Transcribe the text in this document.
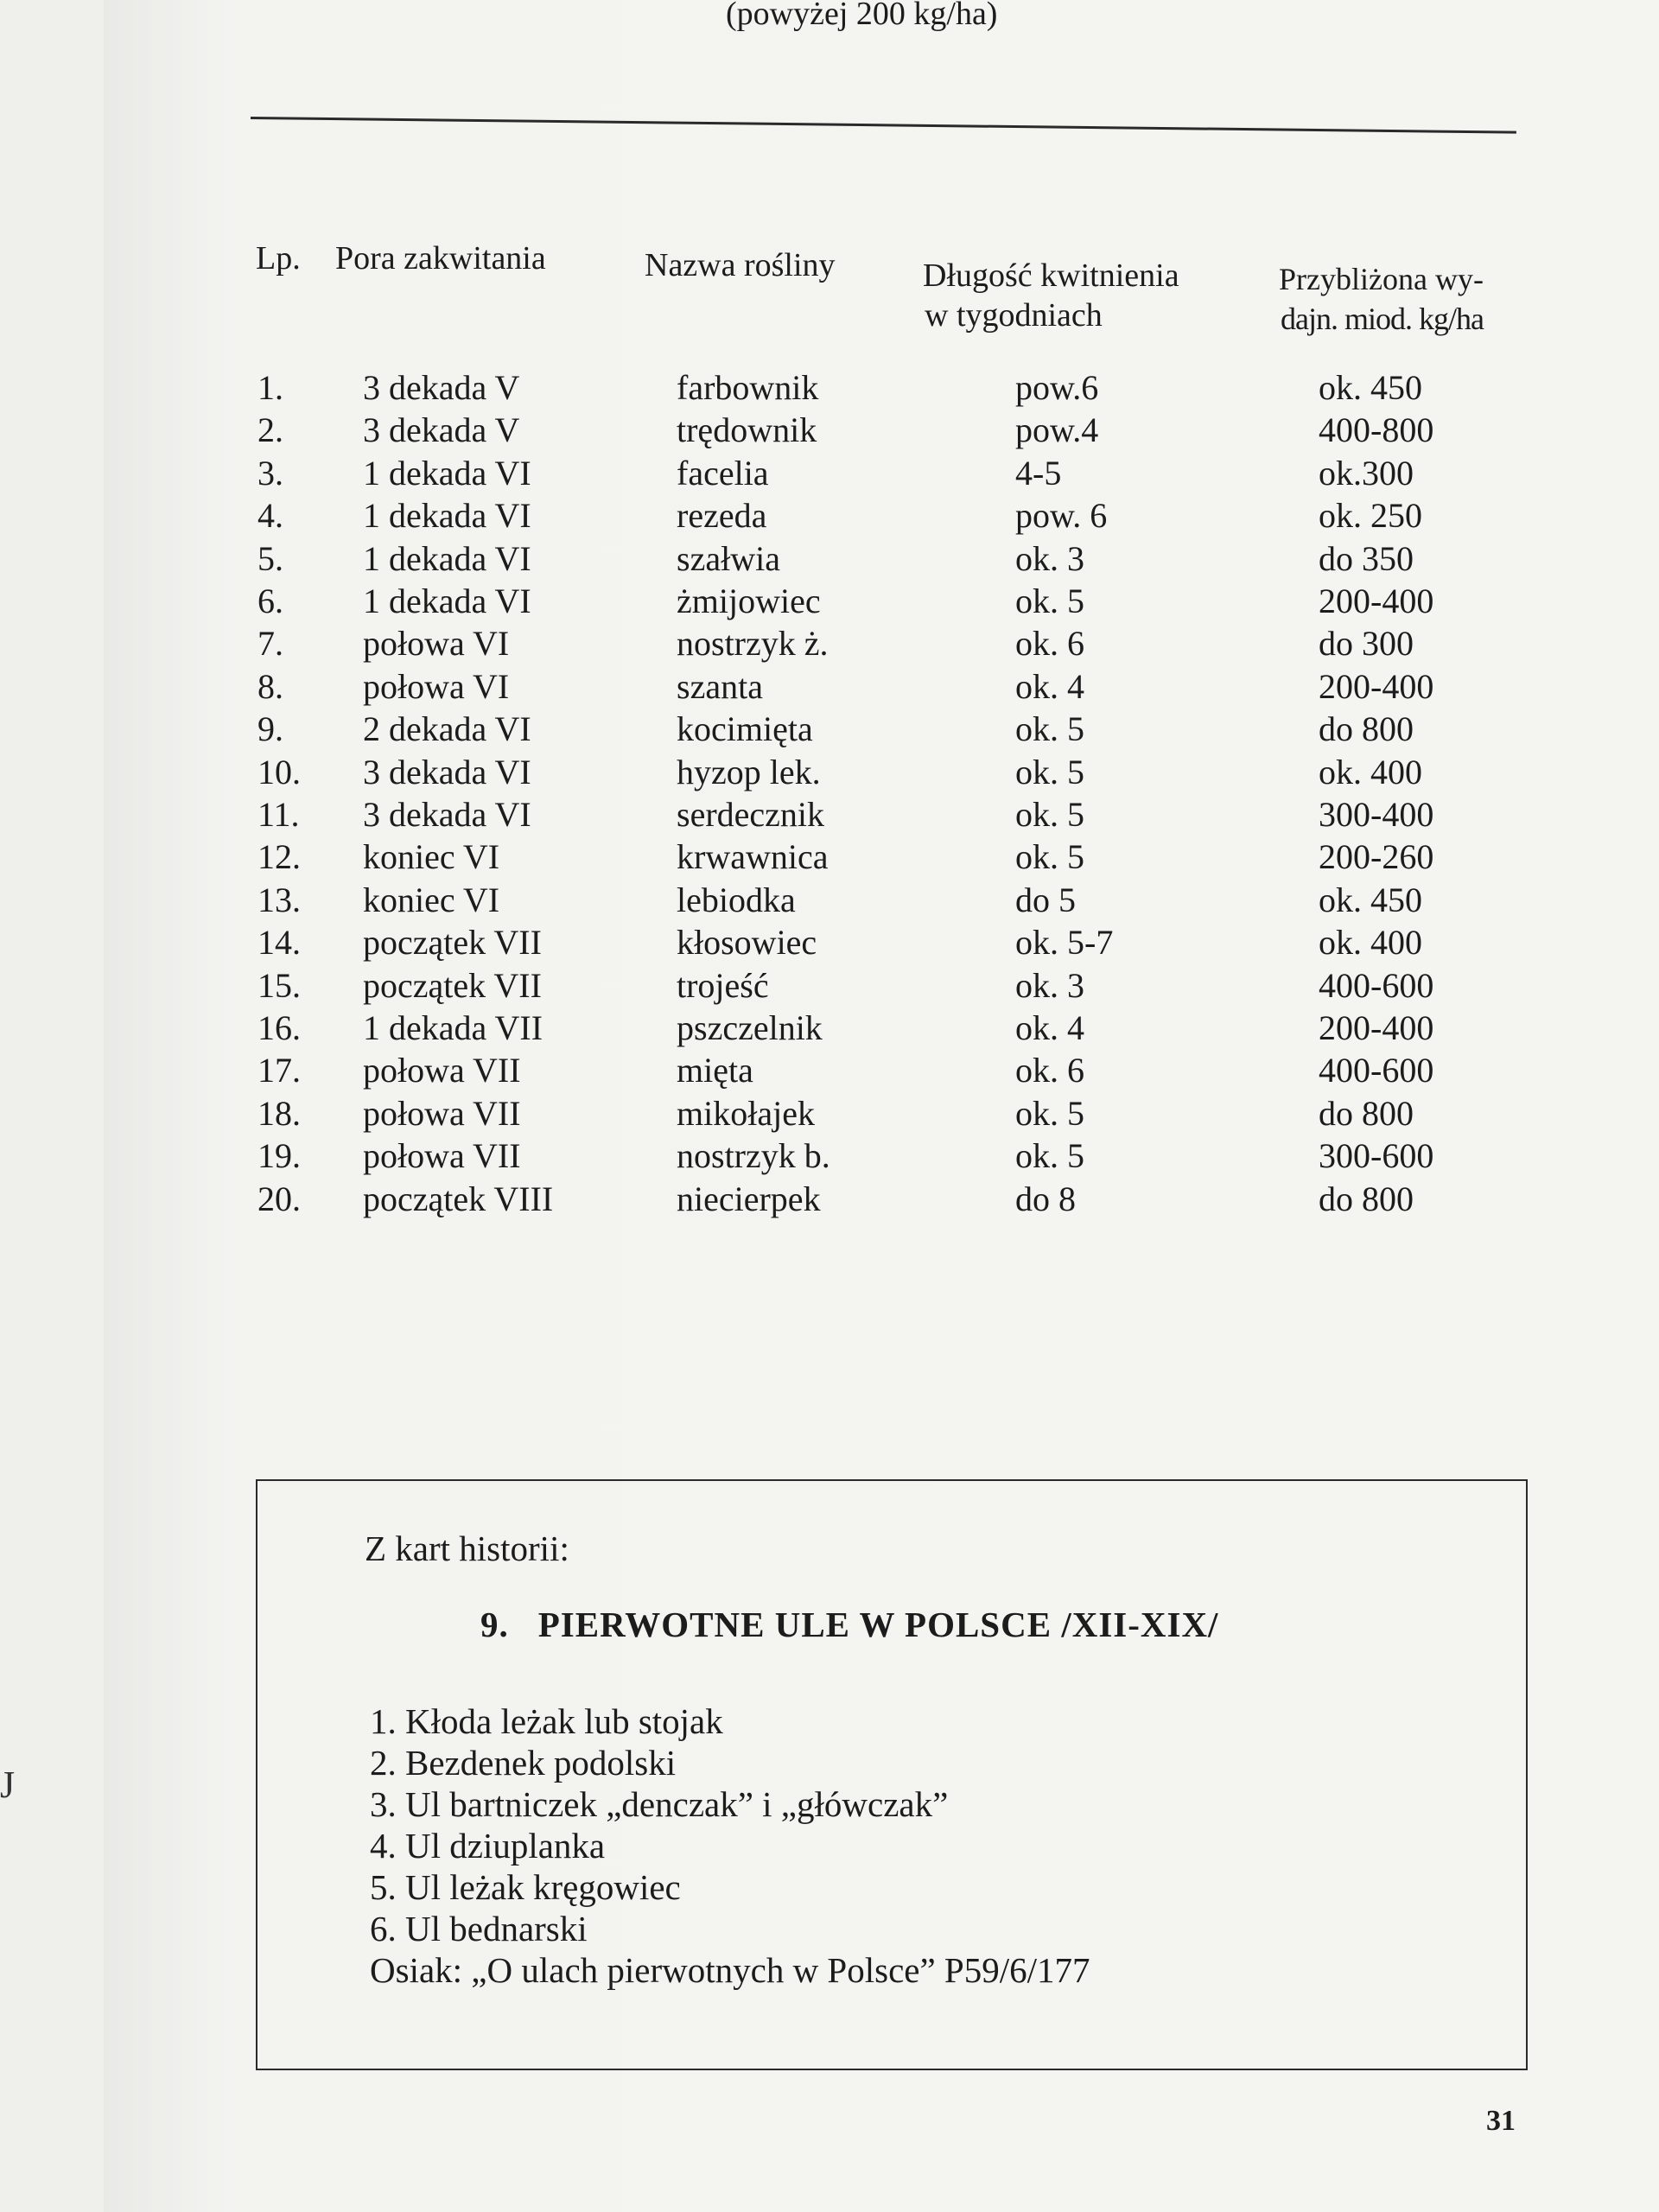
J
(powyżej 200 kg/ha)
Lp. Pora zakwitania	Nazwa rośliny	Długość kwitnienia
w tygodniach
Przybliżona wy-
dajn. miod. kg/ha
1. 3 dekada V	farbownik	pow.6	ok. 450
2. 3 dekada V	trędownik	pow.4	400-800
3. 1 dekada VI	facelia	4-5	ok.300
4. 1 dekada VI	rezeda	pow. 6	ok. 250
5. 1 dekada VI	szałwia	ok. 3	do 350
6. 1 dekada VI	żmijowiec	ok. 5	200-400
7. połowa VI	nostrzyk ż.	ok. 6	do 300
8. połowa VI	szanta	ok. 4	200-400
9. 2 dekada VI	kocimięta	ok. 5	do 800
10. 3 dekada VI	hyzop lek.	ok. 5	ok. 400
11. 3 dekada VI	serdecznik	ok. 5	300-400
12. koniec VI	krwawnica	ok. 5	200-260
13. koniec VI	lebiodka	do 5	ok. 450
14. początek VII	kłosowiec	ok. 5-7	ok. 400
15. początek VII	trojeść	ok. 3	400-600
16. 1 dekada VII	pszczelnik	ok. 4	200-400
17. połowa VII	mięta	ok. 6	400-600
18. połowa VII	mikołajek	ok. 5	do 800
19. połowa VII	nostrzyk b.	ok. 5	300-600
20. początek VIII	niecierpek	do 8	do 800
Z kart historii:
9. PIERWOTNE ULE W POLSCE /XII-XIX/
1. Kłoda leżak lub stojak
2. Bezdenek podolski
3. Ul bartniczek „denczak” i „główczak”
4. Ul dziuplanka
5. Ul leżak kręgowiec
6. Ul bednarski
Osiak: „O ulach pierwotnych w Polsce” P59/6/177
31
